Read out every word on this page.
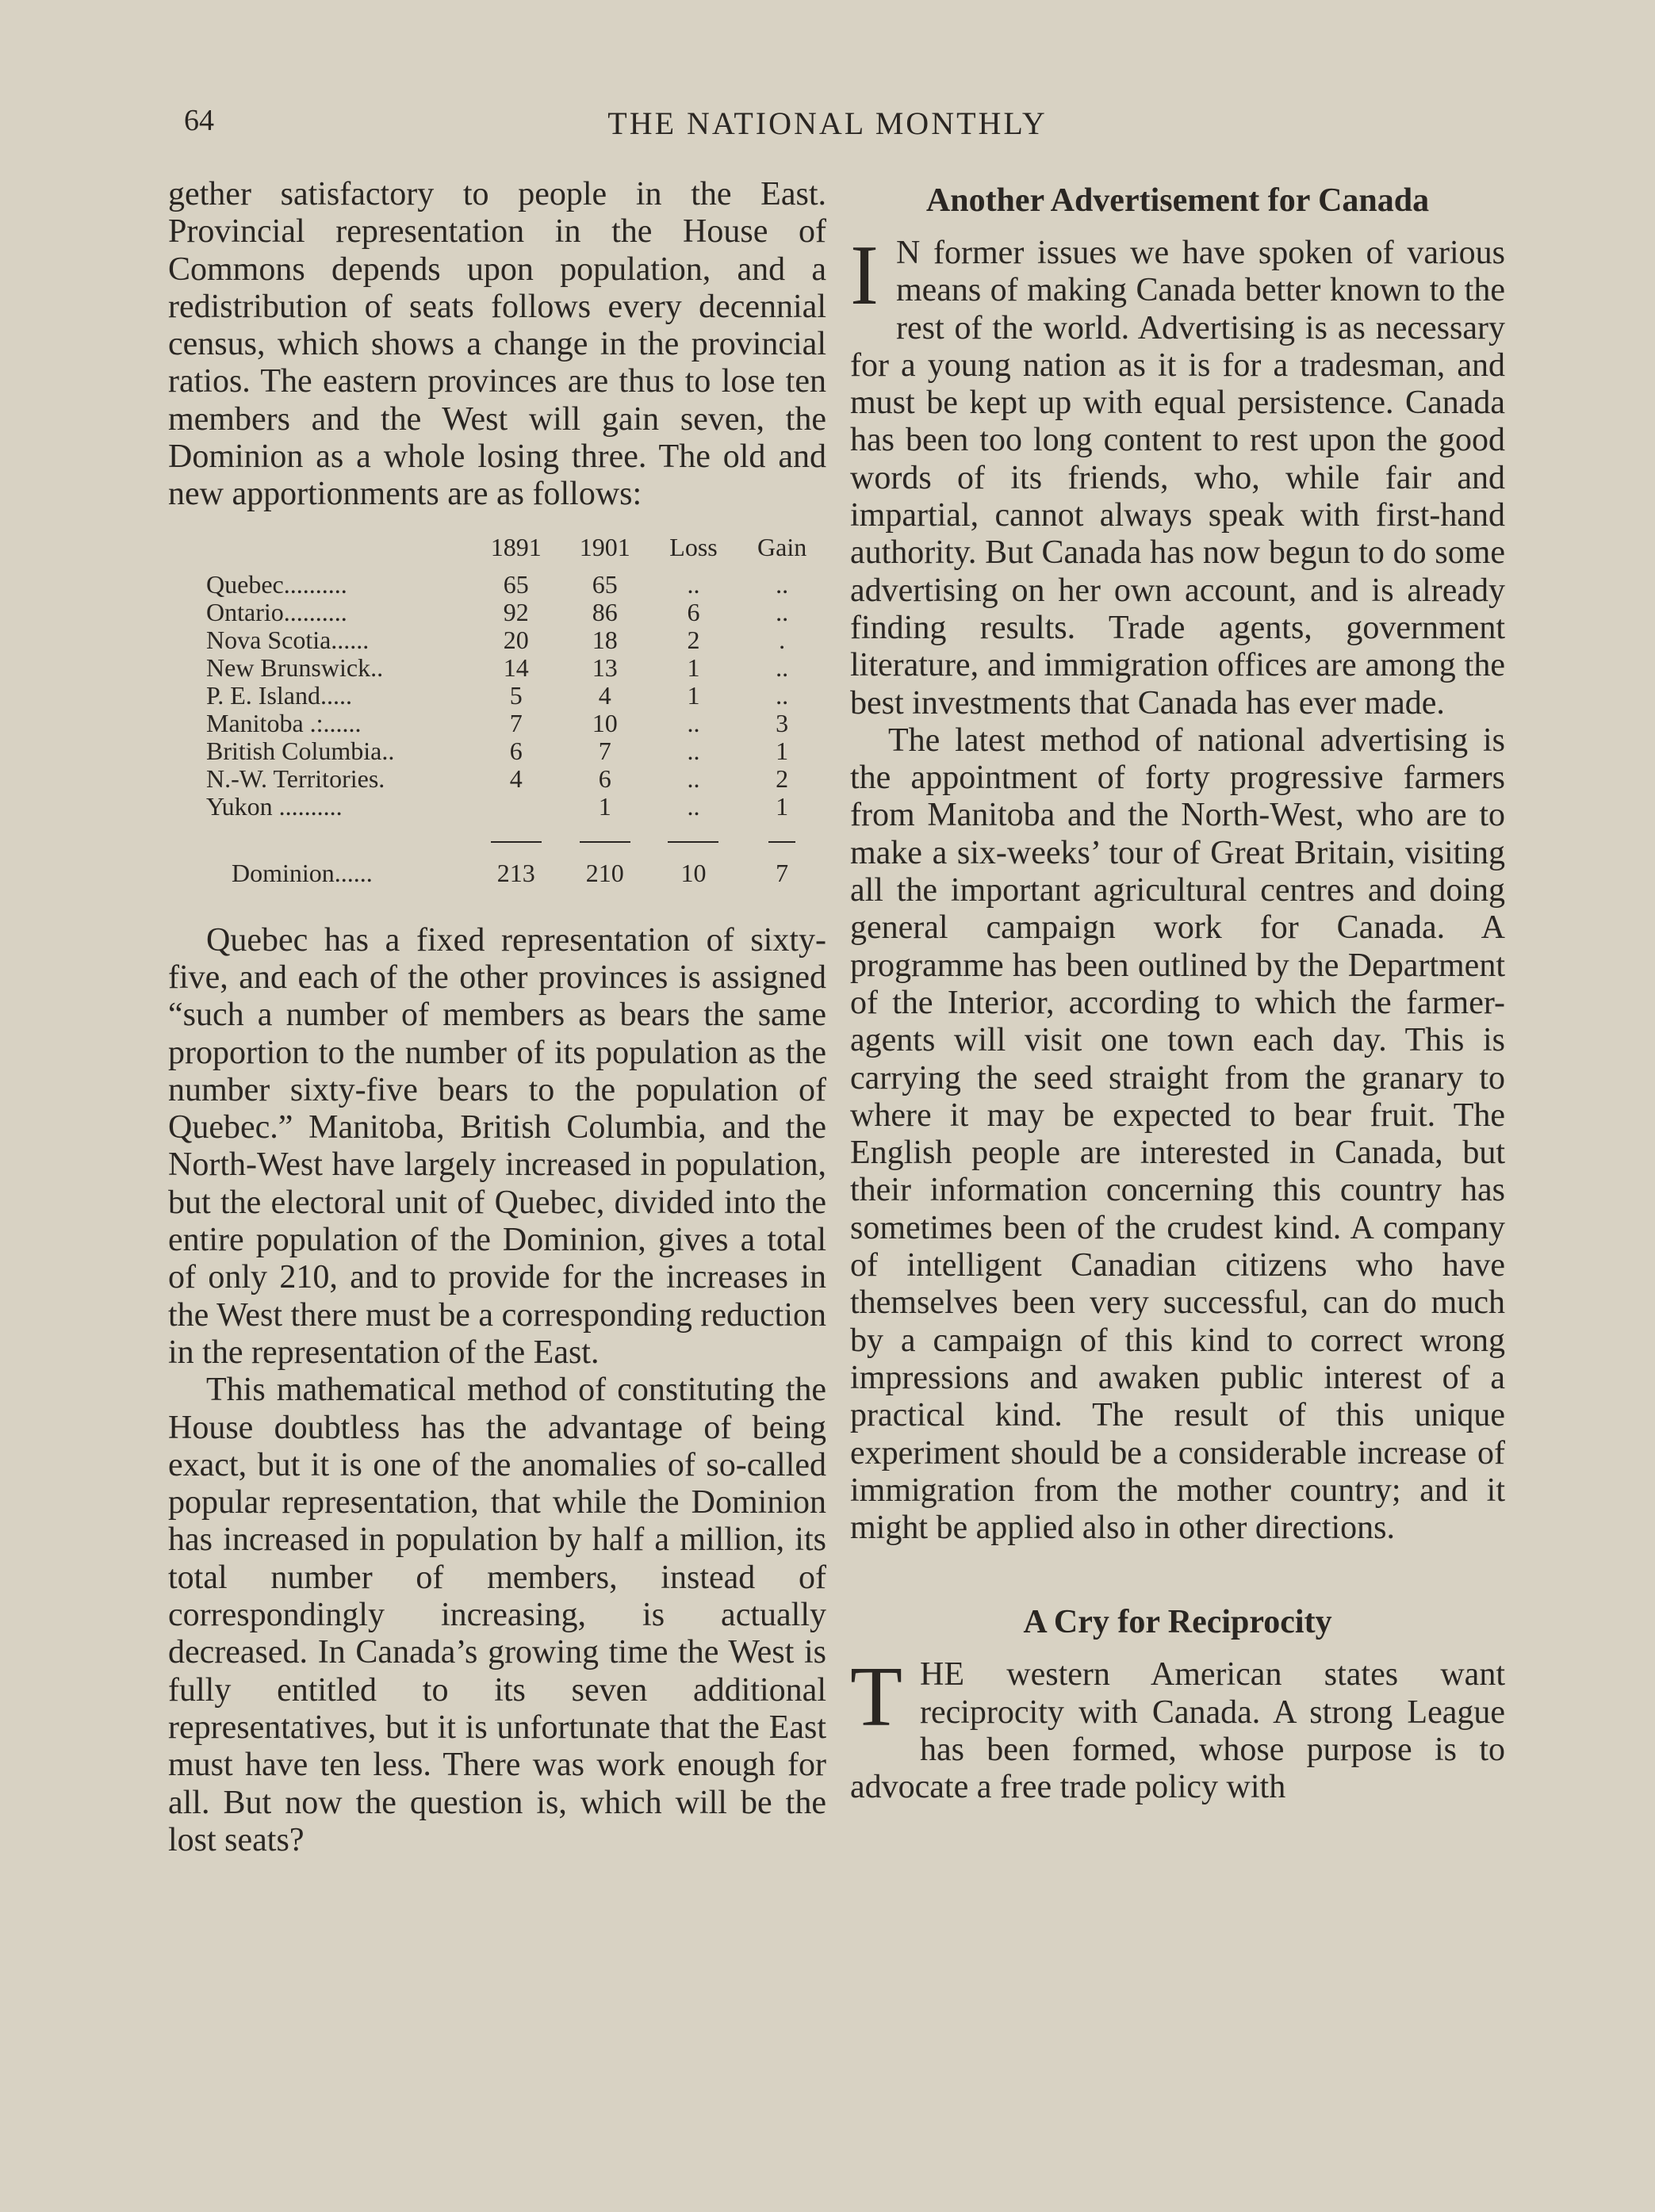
64	THE NATIONAL MONTHLY

gether satisfactory to people in the East. Provincial representation in the House of Commons depends upon population, and a redistribution of seats follows every decennial census, which shows a change in the provincial ratios. The eastern provinces are thus to lose ten members and the West will gain seven, the Dominion as a whole losing three. The old and new apportionments are as follows:

	1891	1901	Loss	Gain
Quebec..........	65	65	..	..
Ontario..........	92	86	6	..
Nova Scotia......	20	18	2	.
New Brunswick..	14	13	1	..
P. E. Island.....	5	4	1	..
Manitoba .:......	7	10	..	3
British Columbia..	6	7	..	1
N.-W. Territories.	4	6	..	2
Yukon ..........		1	..	1

Dominion......	213	210	10	7

Quebec has a fixed representation of sixty-five, and each of the other provinces is assigned “such a number of members as bears the same proportion to the number of its population as the number sixty-five bears to the population of Quebec.” Manitoba, British Columbia, and the North-West have largely increased in population, but the electoral unit of Quebec, divided into the entire population of the Dominion, gives a total of only 210, and to provide for the increases in the West there must be a corresponding reduction in the representation of the East.

This mathematical method of constituting the House doubtless has the advantage of being exact, but it is one of the anomalies of so-called popular representation, that while the Dominion has increased in population by half a million, its total number of members, instead of correspondingly increasing, is actually decreased. In Canada’s growing time the West is fully entitled to its seven additional representatives, but it is unfortunate that the East must have ten less. There was work enough for all. But now the question is, which will be the lost seats?

Another Advertisement for Canada

I N former issues we have spoken of various means of making Canada better known to the rest of the world. Advertising is as necessary for a young nation as it is for a tradesman, and must be kept up with equal persistence. Canada has been too long content to rest upon the good words of its friends, who, while fair and impartial, cannot always speak with first-hand authority. But Canada has now begun to do some advertising on her own account, and is already finding results. Trade agents, government literature, and immigration offices are among the best investments that Canada has ever made.

The latest method of national advertising is the appointment of forty progressive farmers from Manitoba and the North-West, who are to make a six-weeks’ tour of Great Britain, visiting all the important agricultural centres and doing general campaign work for Canada. A programme has been outlined by the Department of the Interior, according to which the farmer-agents will visit one town each day. This is carrying the seed straight from the granary to where it may be expected to bear fruit. The English people are interested in Canada, but their information concerning this country has sometimes been of the crudest kind. A company of intelligent Canadian citizens who have themselves been very successful, can do much by a campaign of this kind to correct wrong impressions and awaken public interest of a practical kind. The result of this unique experiment should be a considerable increase of immigration from the mother country; and it might be applied also in other directions.

A Cry for Reciprocity

THE western American states want reciprocity with Canada. A strong League has been formed, whose purpose is to advocate a free trade policy with
